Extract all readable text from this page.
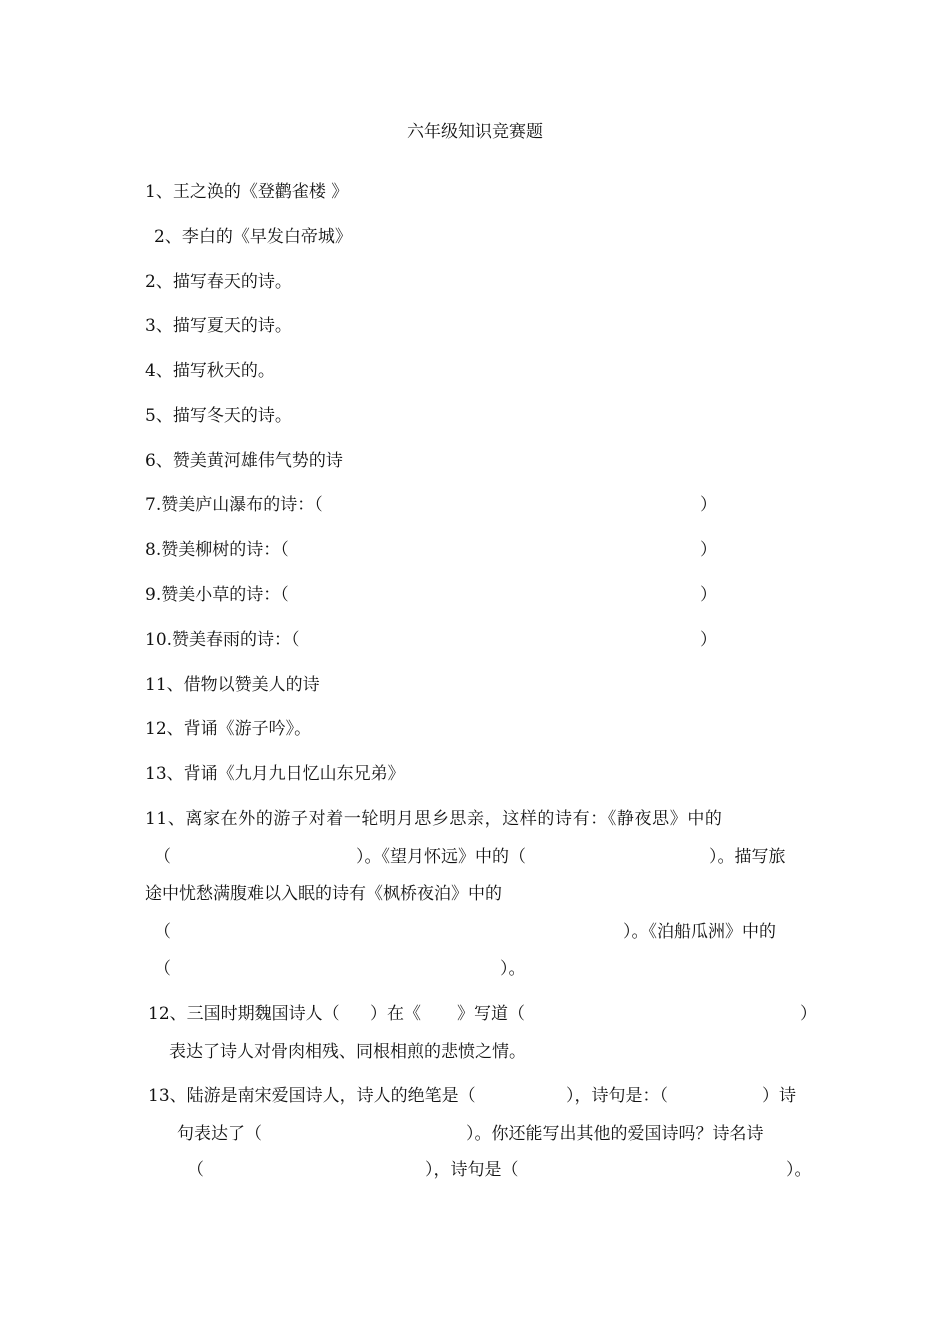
六年级知识竞赛题
1、王之涣的《登鹳雀楼 》
2、李白的《早发白帝城》
2、描写春天的诗。
3、描写夏天的诗。
4、描写秋天的。
5、描写冬天的诗。
6、赞美黄河雄伟气势的诗
7.赞美庐山瀑布的诗：（	）
8.赞美柳树的诗：（	）
9.赞美小草的诗：（	）
10.赞美春雨的诗：（	）
11、借物以赞美人的诗
12、背诵《游子吟》。
13、背诵《九月九日忆山东兄弟》
11、离家在外的游子对着一轮明月思乡思亲，这样的诗有：《静夜思》中的
（	）。《望月怀远》中的（	）。描写旅
途中忧愁满腹难以入眠的诗有《枫桥夜泊》中的
（	）。《泊船瓜洲》中的
（	）。
12、三国时期魏国诗人（ ）在《 》写道（	）
表达了诗人对骨肉相残、同根相煎的悲愤之情。
13、陆游是南宋爱国诗人，诗人的绝笔是（	），诗句是：（	）诗
句表达了（	）。你还能写出其他的爱国诗吗？诗名诗
（	），诗句是（	）。
